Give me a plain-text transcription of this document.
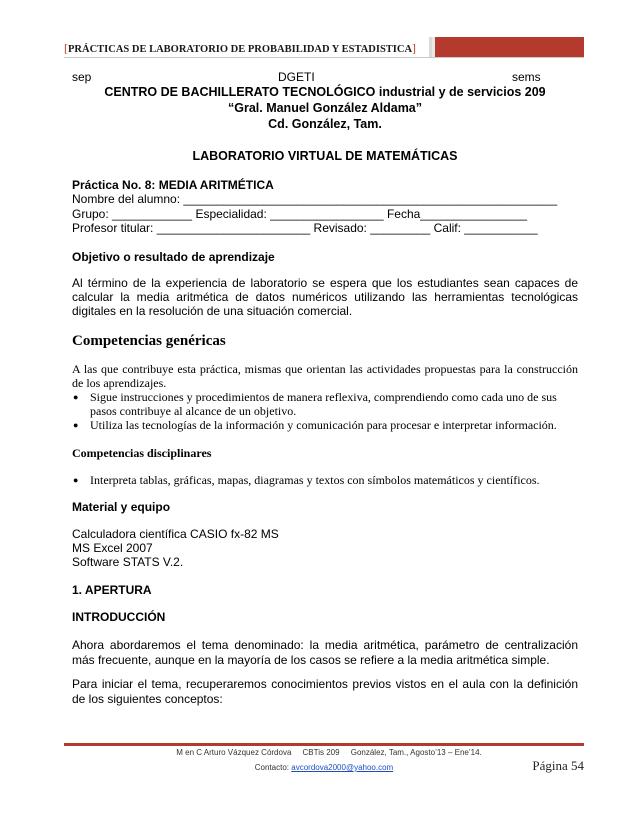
[PRÁCTICAS DE LABORATORIO DE PROBABILIDAD Y ESTADISTICA]
sep	DGETI	sems
CENTRO DE BACHILLERATO TECNOLÓGICO industrial y de servicios 209
“Gral. Manuel González Aldama”
Cd. González, Tam.
LABORATORIO VIRTUAL DE MATEMÁTICAS
Práctica No. 8: MEDIA ARITMÉTICA
Nombre del alumno: ________________________________________________________
Grupo: ____________ Especialidad: _________________ Fecha________________
Profesor titular: _______________________ Revisado: _________ Calif: ___________
Objetivo o resultado de aprendizaje

Al término de la experiencia de laboratorio se espera que los estudiantes sean capaces de calcular la media aritmética de datos numéricos utilizando las herramientas tecnológicas digitales en la resolución de una situación comercial.

Competencias genéricas

A las que contribuye esta práctica, mismas que orientan las actividades propuestas para la construcción de los aprendizajes.

● Sigue instrucciones y procedimientos de manera reflexiva, comprendiendo como cada uno de sus pasos contribuye al alcance de un objetivo.
● Utiliza las tecnologías de la información y comunicación para procesar e interpretar información.
Competencias disciplinares
● Interpreta tablas, gráficas, mapas, diagramas y textos con símbolos matemáticos y científicos.
Material y equipo
Calculadora científica CASIO fx-82 MS
MS Excel 2007
Software STATS V.2.
1. APERTURA
INTRODUCCIÓN

Ahora abordaremos el tema denominado: la media aritmética, parámetro de centralización más frecuente, aunque en la mayoría de los casos se refiere a la media aritmética simple.

Para iniciar el tema, recuperaremos conocimientos previos vistos en el aula con la definición de los siguientes conceptos:

M en C Arturo Vázquez Córdova CBTis 209 González, Tam., Agosto’13 – Ene’14.
Contacto: avcordova2000@yahoo.com	Página 54
